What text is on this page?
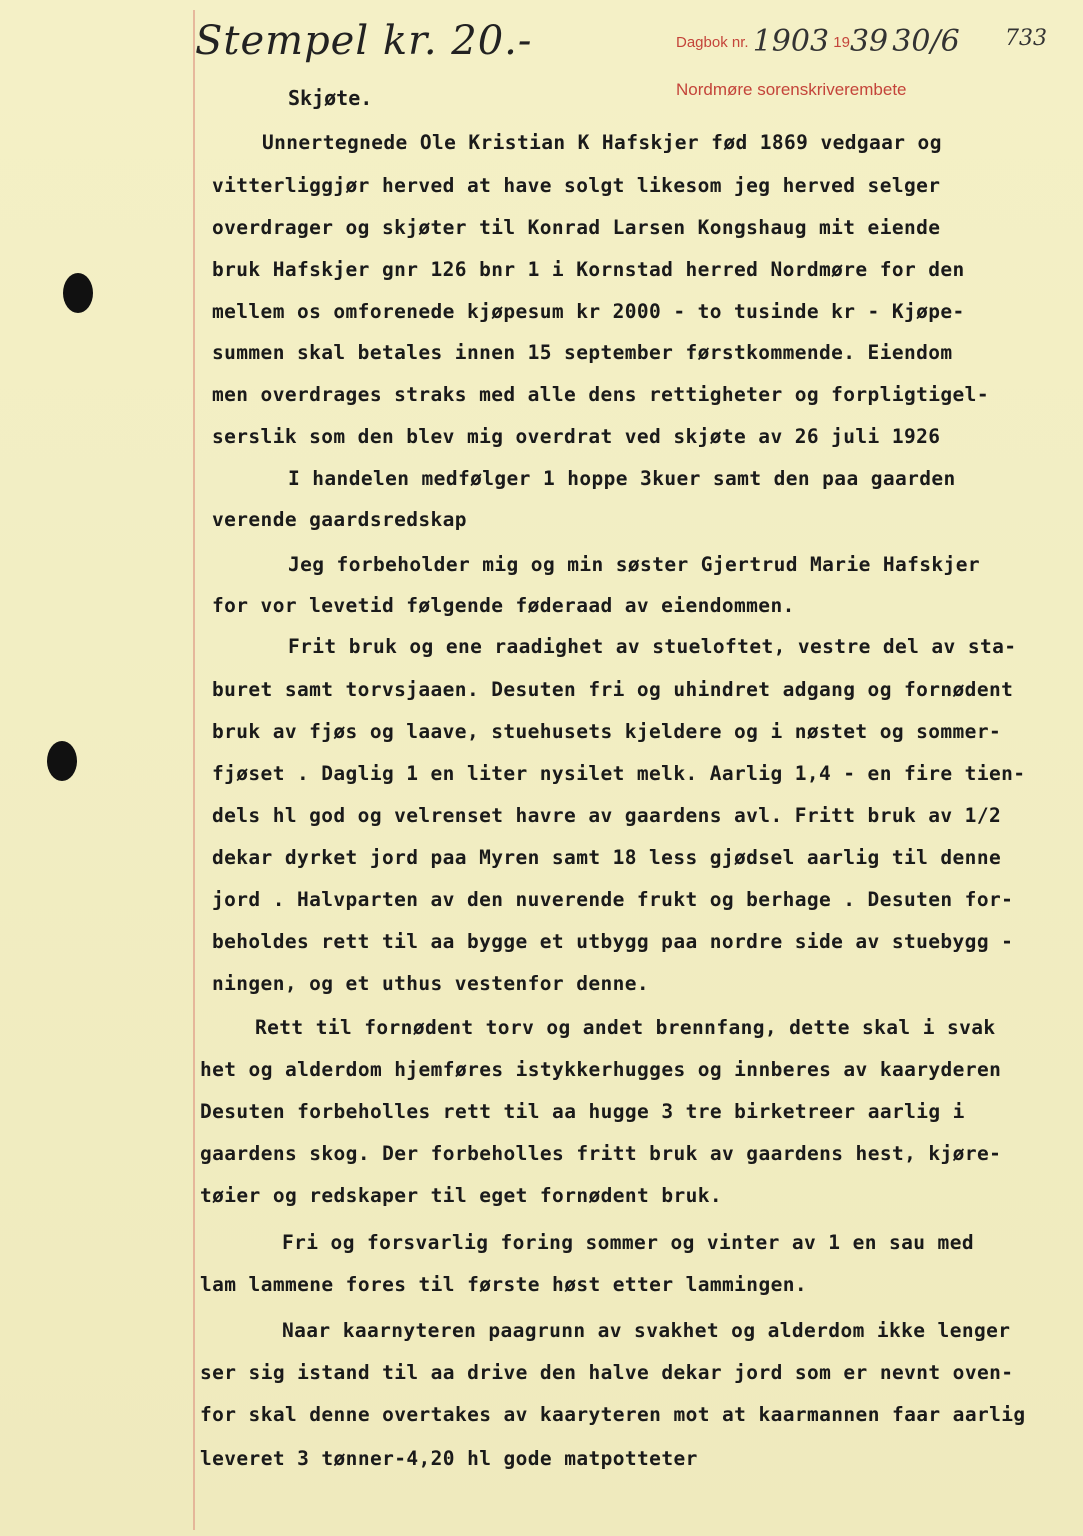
Stempel kr. 20.-	733
Dagbok nr. 1903 1939 30/6
Nordmøre sorenskriverembete
Skjøte.
Unnertegnede Ole Kristian K Hafskjer fød 1869 vedgaar og
vitterliggjør herved at have solgt likesom jeg herved selger
overdrager og skjøter til Konrad Larsen Kongshaug mit eiende
bruk Hafskjer gnr 126 bnr 1 i Kornstad herred Nordmøre for den
mellem os omforenede kjøpesum kr 2000 - to tusinde kr - Kjøpe-
summen skal betales innen 15 september førstkommende. Eiendom
men overdrages straks med alle dens rettigheter og forpligtigel-
serslik som den blev mig overdrat ved skjøte av 26 juli 1926
I handelen medfølger 1 hoppe 3kuer samt den paa gaarden
verende gaardsredskap
Jeg forbeholder mig og min søster Gjertrud Marie Hafskjer
for vor levetid følgende føderaad av eiendommen.
Frit bruk og ene raadighet av stueloftet, vestre del av sta-
buret samt torvsjaaen. Desuten fri og uhindret adgang og fornødent
bruk av fjøs og laave, stuehusets kjeldere og i nøstet og sommer-
fjøset . Daglig 1 en liter nysilet melk. Aarlig 1,4 - en fire tien-
dels hl god og velrenset havre av gaardens avl. Fritt bruk av 1/2
dekar dyrket jord paa Myren samt 18 less gjødsel aarlig til denne
jord . Halvparten av den nuverende frukt og berhage . Desuten for-
beholdes rett til aa bygge et utbygg paa nordre side av stuebygg -
ningen, og et uthus vestenfor denne.
Rett til fornødent torv og andet brennfang, dette skal i svak
het og alderdom hjemføres istykkerhugges og innberes av kaaryderen
Desuten forbeholles rett til aa hugge 3 tre birketreer aarlig i
gaardens skog. Der forbeholles fritt bruk av gaardens hest, kjøre-
tøier og redskaper til eget fornødent bruk.
Fri og forsvarlig foring sommer og vinter av 1 en sau med
lam lammene fores til første høst etter lammingen.
Naar kaarnyteren paagrunn av svakhet og alderdom ikke lenger
ser sig istand til aa drive den halve dekar jord som er nevnt oven-
for skal denne overtakes av kaaryteren mot at kaarmannen faar aarlig
leveret 3 tønner-4,20 hl gode matpotteter
